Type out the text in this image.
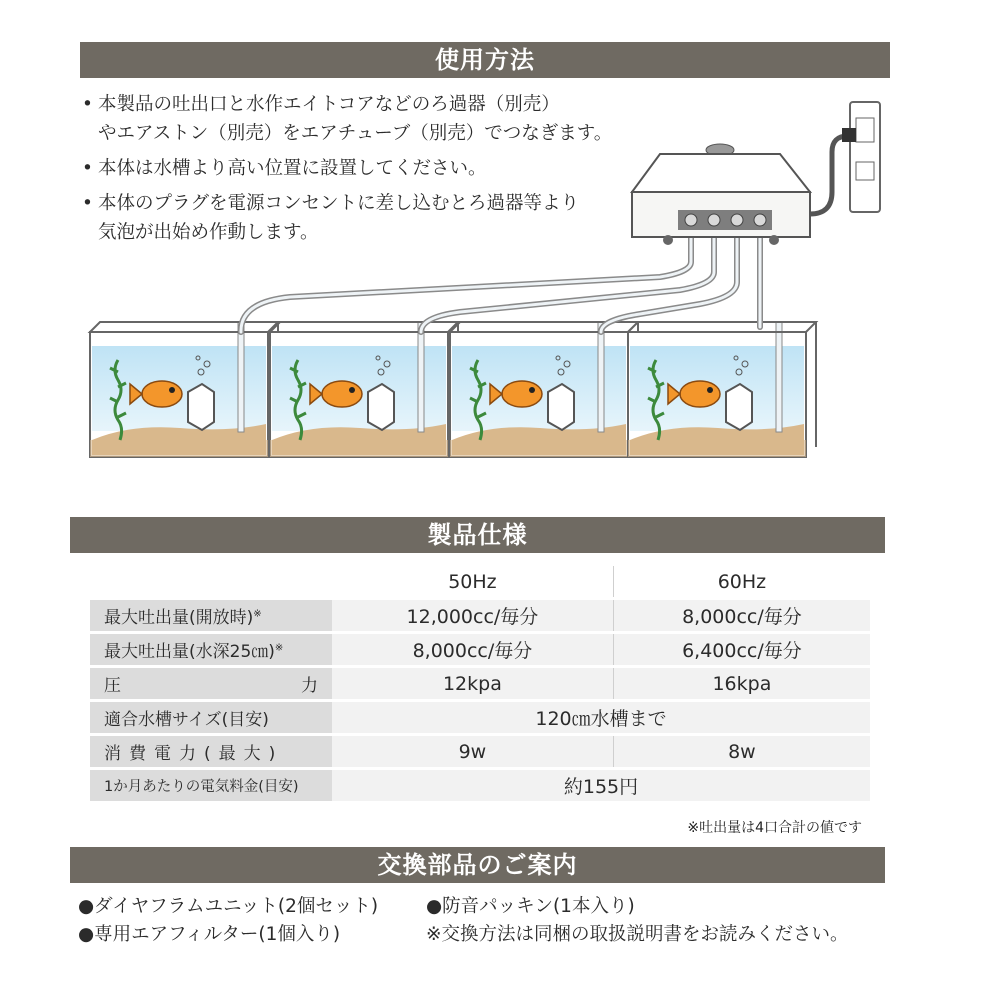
使用方法
• 本製品の吐出口と水作エイトコアなどのろ過器（別売）
やエアストン（別売）をエアチューブ（別売）でつなぎます。
• 本体は水槽より高い位置に設置してください。
• 本体のプラグを電源コンセントに差し込むとろ過器等より
気泡が出始め作動します。
製品仕様
	50Hz	60Hz
最大吐出量(開放時)※	12,000cc/毎分	8,000cc/毎分
最大吐出量(水深25㎝)※	8,000cc/毎分	6,400cc/毎分

圧 力	12kpa	16kpa
適合水槽サイズ(目安)	120㎝水槽まで	
消費電力(最大)	9w	8w
1か月あたりの電気料金(目安)	約155円	
※吐出量は4口合計の値です
交換部品のご案内
●ダイヤフラムユニット(2個セット)
●専用エアフィルター(1個入り)
●防音パッキン(1本入り)
※交換方法は同梱の取扱説明書をお読みください。
